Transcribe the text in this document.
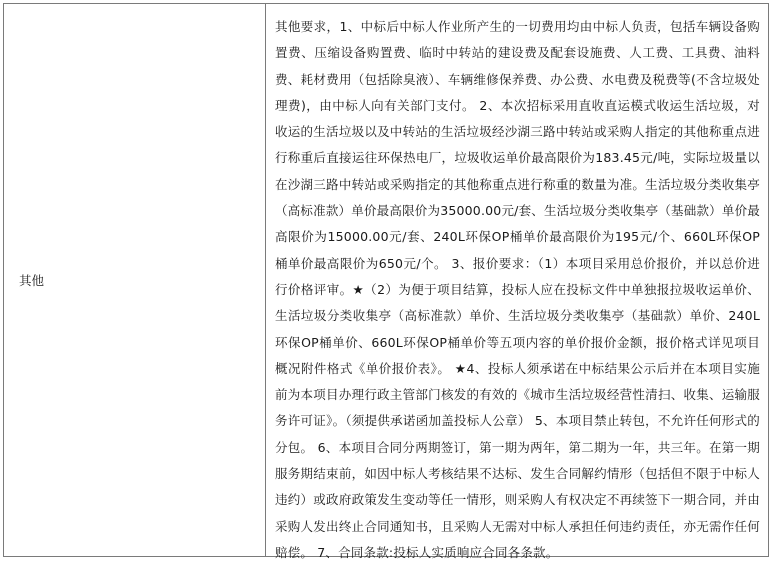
其他
其他要求，1、中标后中标人作业所产生的一切费用均由中标人负责，包括车辆设备购置费、压缩设备购置费、临时中转站的建设费及配套设施费、人工费、工具费、油料费、耗材费用（包括除臭液）、车辆维修保养费、办公费、水电费及税费等(不含垃圾处理费)，由中标人向有关部门支付。 2、本次招标采用直收直运模式收运生活垃圾，对收运的生活垃圾以及中转站的生活垃圾经沙湖三路中转站或采购人指定的其他称重点进行称重后直接运往环保热电厂，垃圾收运单价最高限价为183.45元/吨，实际垃圾量以在沙湖三路中转站或采购指定的其他称重点进行称重的数量为准。生活垃圾分类收集亭（高标准款）单价最高限价为35000.00元/套、生活垃圾分类收集亭（基础款）单价最高限价为15000.00元/套、240L环保OP桶单价最高限价为195元/个、660L环保OP桶单价最高限价为650元/个。 3、报价要求：（1）本项目采用总价报价，并以总价进行价格评审。★（2）为便于项目结算，投标人应在投标文件中单独报拉圾收运单价、生活垃圾分类收集亭（高标准款）单价、生活垃圾分类收集亭（基础款）单价、240L环保OP桶单价、660L环保OP桶单价等五项内容的单价报价金额，报价格式详见项目概况附件格式《单价报价表》。 ★4、投标人须承诺在中标结果公示后并在本项目实施前为本项目办理行政主管部门核发的有效的《城市生活垃圾经营性清扫、收集、运输服务许可证》。（须提供承诺函加盖投标人公章） 5、本项目禁止转包，不允许任何形式的分包。 6、本项目合同分两期签订，第一期为两年，第二期为一年，共三年。在第一期服务期结束前，如因中标人考核结果不达标、发生合同解约情形（包括但不限于中标人违约）或政府政策发生变动等任一情形，则采购人有权决定不再续签下一期合同，并由采购人发出终止合同通知书，且采购人无需对中标人承担任何违约责任，亦无需作任何赔偿。 7、合同条款:投标人实质响应合同各条款。
